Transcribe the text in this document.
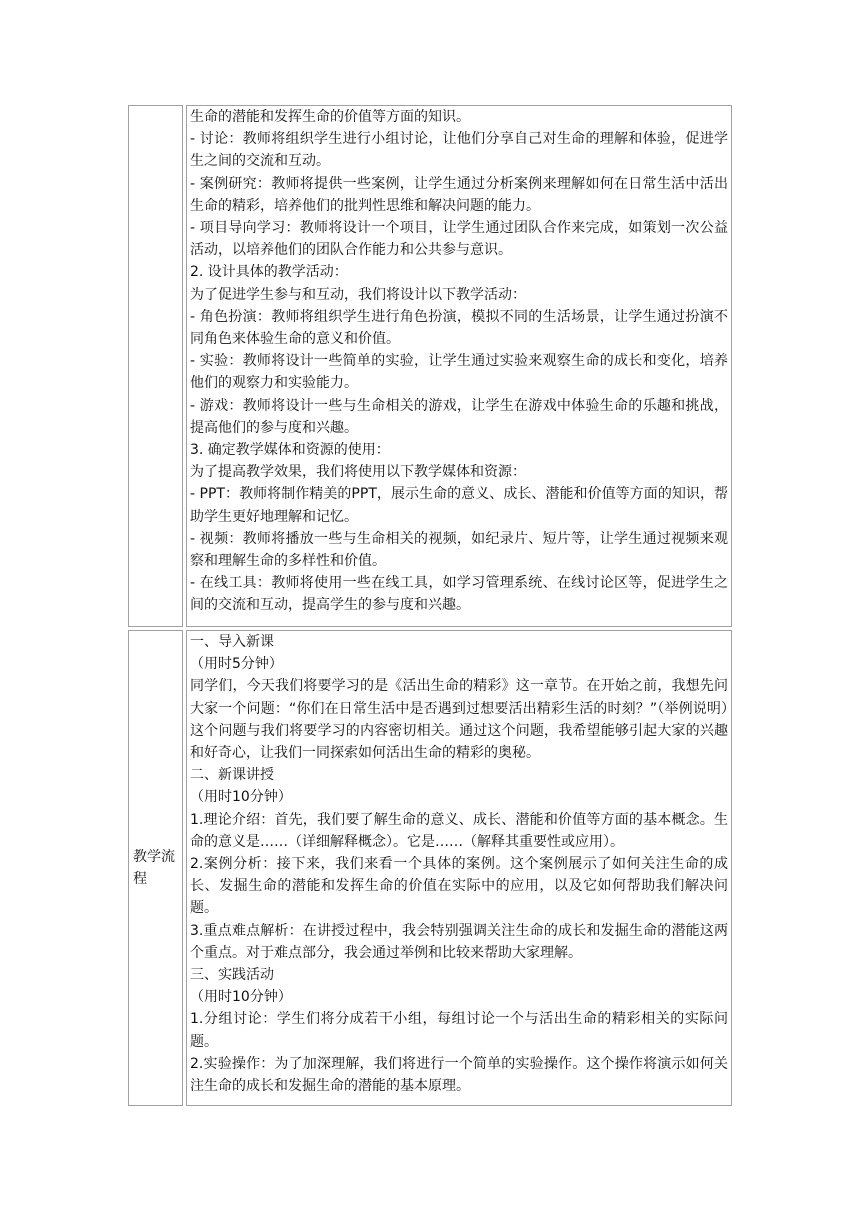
生命的潜能和发挥生命的价值等方面的知识。

- 讨论：教师将组织学生进行小组讨论，让他们分享自己对生命的理解和体验，促进学生之间的交流和互动。

- 案例研究：教师将提供一些案例，让学生通过分析案例来理解如何在日常生活中活出生命的精彩，培养他们的批判性思维和解决问题的能力。

- 项目导向学习：教师将设计一个项目，让学生通过团队合作来完成，如策划一次公益活动，以培养他们的团队合作能力和公共参与意识。

2. 设计具体的教学活动：

为了促进学生参与和互动，我们将设计以下教学活动：

- 角色扮演：教师将组织学生进行角色扮演，模拟不同的生活场景，让学生通过扮演不同角色来体验生命的意义和价值。

- 实验：教师将设计一些简单的实验，让学生通过实验来观察生命的成长和变化，培养他们的观察力和实验能力。

- 游戏：教师将设计一些与生命相关的游戏，让学生在游戏中体验生命的乐趣和挑战，提高他们的参与度和兴趣。

3. 确定教学媒体和资源的使用：

为了提高教学效果，我们将使用以下教学媒体和资源：

- PPT：教师将制作精美的PPT，展示生命的意义、成长、潜能和价值等方面的知识，帮助学生更好地理解和记忆。

- 视频：教师将播放一些与生命相关的视频，如纪录片、短片等，让学生通过视频来观察和理解生命的多样性和价值。

- 在线工具：教师将使用一些在线工具，如学习管理系统、在线讨论区等，促进学生之间的交流和互动，提高学生的参与度和兴趣。

教学流程

一、导入新课

（用时5分钟）

同学们，今天我们将要学习的是《活出生命的精彩》这一章节。在开始之前，我想先问大家一个问题：“你们在日常生活中是否遇到过想要活出精彩生活的时刻？”（举例说明）这个问题与我们将要学习的内容密切相关。通过这个问题，我希望能够引起大家的兴趣和好奇心，让我们一同探索如何活出生命的精彩的奥秘。

二、新课讲授

（用时10分钟）

1.理论介绍：首先，我们要了解生命的意义、成长、潜能和价值等方面的基本概念。生命的意义是……（详细解释概念）。它是……（解释其重要性或应用）。

2.案例分析：接下来，我们来看一个具体的案例。这个案例展示了如何关注生命的成长、发掘生命的潜能和发挥生命的价值在实际中的应用，以及它如何帮助我们解决问题。

3.重点难点解析：在讲授过程中，我会特别强调关注生命的成长和发掘生命的潜能这两个重点。对于难点部分，我会通过举例和比较来帮助大家理解。

三、实践活动

（用时10分钟）

1.分组讨论：学生们将分成若干小组，每组讨论一个与活出生命的精彩相关的实际问题。

2.实验操作：为了加深理解，我们将进行一个简单的实验操作。这个操作将演示如何关注生命的成长和发掘生命的潜能的基本原理。
